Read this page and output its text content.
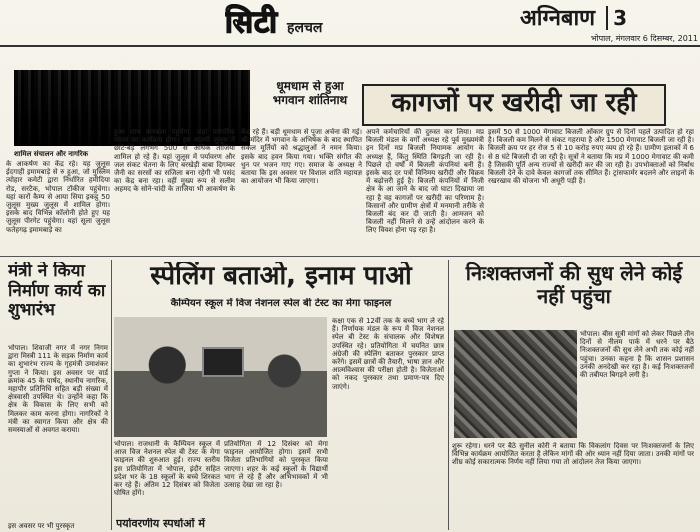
सिटी हलचल	अग्निबाण 3
भोपाल, मंगलवार 6 दिसम्बर, 2011
शामिल संचालन और नागरिक
के आकर्षण का केंद्र रहे। यह जुलूस ईदगाही इमामबाड़े से रु हुआ, जो मुस्लिम त्योहार कमेटी द्वारा निर्धारित हमीदिया रोड, सरटैक, भोपाल टॉकीज पहुंचेगा। यहां कारों कैम्प से आया सिया इकट्ठ 50 जुलूस मुख्य जुलूस में शामिल होगा। इसके बाद विभिन्न कॉलोनी होते हुए यह जुलूस पीरगेट पहुंचेगा। यहां सूला जुलूस फतेहगढ़ इमामबाड़े का
धूमधाम से हुआ भगवान शांतिनाथ
हुआ शाम कारबला पहुंचेगा, जहां पारंपरिक मातम का कार्यक्रम होगा। इस मातमी जुलूस में छोटे-बड़े लगभग 500 से अधिक ताजिया शामिल हो रहे हैं। यहां जुलूस में पर्यावरण और जल संकट चेतना के लिए बरखेड़ी बाबा दिगम्बर जैनी का सरसों का सजिला बना रहेगी भी पसंद का केंद्र बना रहा। वहीं मुख्य रूप से सलीम अहमद के सोने-चांदी के ताजिया भी आकर्षण के केंद्र रहे हैं। बड़ी धूमधाम से पूजा अर्चना की गई। श्री मंदिर में भगवान के अभिषेक के बाद स्थापित सकल मूर्तियों को श्रद्धालुओं ने नमन किया। इसके बाद हवन किया गया। भक्ति संगीत की धुन पर भजन गाए गए। समाज के अध्यक्ष ने बताया कि इस अवसर पर विशाल शांति महायज्ञ का आयोजन भी किया जाएगा।
कागजों पर खरीदी जा रही
अपने कर्मचारियों की दुरुस्त कर लिया। मप्र बिजली मंडल के वर्गों अध्यक्ष रहे पूर्व मुख्यमंत्री इन दिनों मप्र बिजली नियामक आयोग के अध्यक्ष हैं, किंतु स्थिति बिगड़ती जा रही है। पिछले दो वर्षों में बिजली कंपनियां बनी हैं। इसके बाद दर पत्रों विनिमय खरीदी और विक्रय में बढ़ोत्तरी हुई है। बिजली कंपनियों में निजी क्षेत्र के आ जाने के बाद जो घाटा दिखाया जा रहा है वह कागजों पर खरीदी का परिणाम है। किसानों और ग्रामीण क्षेत्रों में मनमानी तरीके से बिजली बंद कर दी जाती है। आमजन को बिजली नहीं मिलने से उन्हें आंदोलन करने के लिए विवश होना पड़ रहा है।
इसमें 50 से 1000 मेगावाट बिजली ओंकार ग्रुप से दिनों पहले उत्पादित हो रहा है। बिजली कम मिलने से संकट गहराया है और 1500 मेगावाट बिजली जा रही है। बिजली क्रय पर हर रोज 5 से 10 करोड़ रुपए व्यय हो रहे हैं। ग्रामीण इलाकों में 6 से 8 घंटे बिजली दी जा रही है। सूत्रों ने बताया कि मप्र में 1000 मेगावाट की कमी है जिसकी पूर्ति अन्य राज्यों से खरीदी कर की जा रही है। उपभोक्ताओं को निर्बाध बिजली देने के दावे केवल कागजों तक सीमित हैं। ट्रांसफार्मर बदलने और लाइनों के रखरखाव की योजना भी अधूरी पड़ी है।
मंत्री ने किया निर्माण कार्य का शुभारंभ
भोपाल। शिवाजी नगर में नगर निगम द्वारा मिस्त्री 111 के सड़क निर्माण कार्य का शुभारंभ राज्य के गृहमंत्री उमाशंकर गुप्ता ने किया। इस अवसर पर वार्ड क्रमांक 45 के पार्षद, स्थानीय नागरिक, महापौर प्रतिनिधि सहित बड़ी संख्या में क्षेत्रवासी उपस्थित थे। उन्होंने कहा कि क्षेत्र के विकास के लिए सभी को मिलकर काम करना होगा। नागरिकों ने मंत्री का स्वागत किया और क्षेत्र की समस्याओं से अवगत कराया।
स्पेलिंग बताओ, इनाम पाओ
कैम्पियन स्कूल में विज नेशनल स्पेल बी टेस्ट का मेगा फाइनल
कक्षा एक से 12वीं तक के बच्चे भाग ले रहे हैं। निर्णायक मंडल के रूप में विज नेशनल स्पेल बी टेस्ट के संचालक और विशेषज्ञ उपस्थित रहे। प्रतियोगिता में चयनित छात्र अंग्रेजी की स्पेलिंग बताकर पुरस्कार प्राप्त करेंगे। इसमें छात्रों की तैयारी, भाषा ज्ञान और आत्मविश्वास की परीक्षा होती है। विजेताओं को नकद पुरस्कार तथा प्रमाण-पत्र दिए जाएंगे।
भोपाल। राजधानी के कैम्पियन स्कूल में आज विज नेशनल स्पेल बी टेस्ट के मेगा फाइनल की शुरुआत हुई। राज्य स्तरीय इस प्रतियोगिता में भोपाल, इंदौर सहित प्रदेश भर के 18 स्कूलों के बच्चे शिरकत कर रहे हैं। अंतिम 12 दिसंबर को विजेता घोषित होंगे।
प्रतियोगिता में 12 दिसंबर को मेगा फाइनल आयोजित होगा। इसमें सभी विजेता प्रतिभागियों को पुरस्कृत किया जाएगा। शहर के कई स्कूलों के विद्यार्थी भाग ले रहे हैं और अभिभावकों में भी उत्साह देखा जा रहा है।
निःशक्तजनों की सुध लेने कोई नहीं पहुंचा
भोपाल। बीस सूत्री मांगों को लेकर पिछले तीन दिनों से नीलम पार्क में धरने पर बैठे निःशक्तजनों की सुध लेने अभी तक कोई नहीं पहुंचा। उनका कहना है कि शासन प्रशासन उनकी अनदेखी कर रहा है। कई निःशक्तजनों की तबीयत बिगड़ने लगी है।
शुरू रहेगा। धरने पर बैठे सुनील कोरी ने बताया कि विकलांग दिवस पर निःशक्तजनों के लिए विभिन्न कार्यक्रम आयोजित करता है लेकिन मांगों की ओर ध्यान नहीं दिया जाता। उनकी मांगों पर शीघ्र कोई सकारात्मक निर्णय नहीं लिया गया तो आंदोलन तेज किया जाएगा।
पर्यावरणीय स्पर्धाओं में
इस अवसर पर भी पुरस्कृत
